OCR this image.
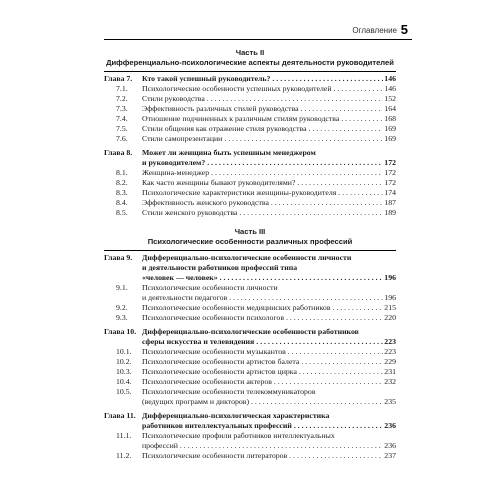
Оглавление 5
Часть II
Дифференциально-психологические аспекты деятельности руководителей
Глава 7.	Кто такой успешный руководитель? . . .	146
7.1.	Психологические особенности успешных руководителей . . .	146
7.2.	Стили руководства . . .	152
7.3.	Эффективность различных стилей руководства . . .	164
7.4.	Отношение подчиненных к различным стилям руководства . . .	168
7.5.	Стили общения как отражение стиля руководства . . .	169
7.6.	Стили самопрезентации . . .	169
Глава 8.	Может ли женщина быть успешным менеджером
и руководителем? . . .	172
8.1.	Женщина-менеджер . . .	172
8.2.	Как часто женщины бывают руководителями? . . .	172
8.3.	Психологические характеристики женщины-руководителя . . .	174
8.4.	Эффективность женского руководства . . .	187
8.5.	Стили женского руководства . . .	189
Часть III
Психологические особенности различных профессий
Глава 9.	Дифференциально-психологические особенности личности
и деятельности работников профессий типа
«человек — человек» . . .	196
9.1.	Психологические особенности личности
и деятельности педагогов . . .	196
9.2.	Психологические особенности медицинских работников . . .	215
9.3.	Психологические особенности психологов . . .	220
Глава 10. Дифференциально-психологические особенности работников
сферы искусства и телевидения . . .	223
10.1.	Психологические особенности музыкантов . . .	223
10.2.	Психологические особенности артистов балета . . .	229
10.3.	Психологические особенности артистов цирка . . .	231
10.4.	Психологические особенности актеров . . .	232
10.5.	Психологические особенности телекоммуникаторов
(ведущих программ и дикторов) . . .	235
Глава 11. Дифференциально-психологическая характеристика
работников интеллектуальных профессий . . .	236
11.1.	Психологические профили работников интеллектуальных
профессий . . .	236
11.2.	Психологические особенности литераторов . . .	237
